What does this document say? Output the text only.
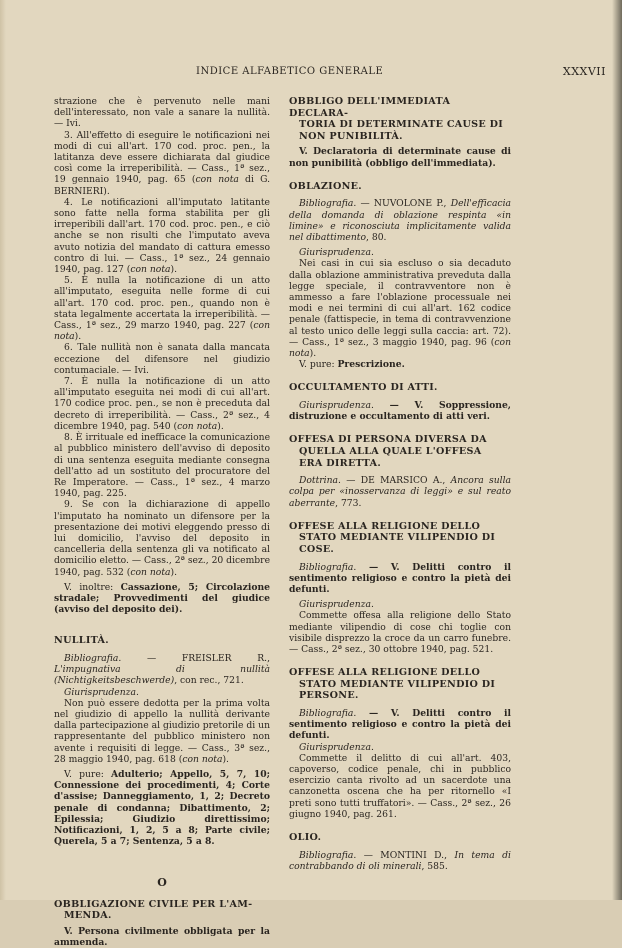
INDICE ALFABETICO GENERALE	XXXVII

strazione che è pervenuto nelle mani dell'interessato, non vale a sanare la nullità. — Ivi.

3. All'effetto di eseguire le notificazioni nei modi di cui all'art. 170 cod. proc. pen., la latitanza deve essere dichiarata dal giudice così come la irreperibilità. — Cass., 1ª sez., 19 gennaio 1940, pag. 65 (con nota di G. BERNIERI).

4. Le notificazioni all'imputato latitante sono fatte nella forma stabilita per gli irreperibili dall'art. 170 cod. proc. pen., e ciò anche se non risulti che l'imputato aveva avuto notizia del mandato di cattura emesso contro di lui. — Cass., 1ª sez., 24 gennaio 1940, pag. 127 (con nota).

5. È nulla la notificazione di un atto all'imputato, eseguita nelle forme di cui all'art. 170 cod. proc. pen., quando non è stata legalmente accertata la irreperibilità. — Cass., 1ª sez., 29 marzo 1940, pag. 227 (con nota).

6. Tale nullità non è sanata dalla mancata eccezione del difensore nel giudizio contumaciale. — Ivi.

7. È nulla la notificazione di un atto all'imputato eseguita nei modi di cui all'art. 170 codice proc. pen., se non è preceduta dal decreto di irreperibilità. — Cass., 2ª sez., 4 dicembre 1940, pag. 540 (con nota).

8. È irrituale ed inefficace la comunicazione al pubblico ministero dell'avviso di deposito di una sentenza eseguita mediante consegna dell'atto ad un sostituto del procuratore del Re Imperatore. — Cass., 1ª sez., 4 marzo 1940, pag. 225.

9. Se con la dichiarazione di appello l'imputato ha nominato un difensore per la presentazione dei motivi eleggendo presso di lui domicilio, l'avviso del deposito in cancelleria della sentenza gli va notificato al domicilio eletto. — Cass., 2ª sez., 20 dicembre 1940, pag. 532 (con nota).

V. inoltre: Cassazione, 5; Circolazione stradale; Provvedimenti del giudice (avviso del deposito dei).

NULLITÀ.

Bibliografia. — FREISLER R., L'impugnativa di nullità (Nichtigkeitsbeschwerde), con rec., 721.

Giurisprudenza.

Non può essere dedotta per la prima volta nel giudizio di appello la nullità derivante dalla partecipazione al giudizio pretorile di un rappresentante del pubblico ministero non avente i requisiti di legge. — Cass., 3ª sez., 28 maggio 1940, pag. 618 (con nota).

V. pure: Adulterio; Appello, 5, 7, 10; Connessione dei procedimenti, 4; Corte d'assise; Danneggiamento, 1, 2; Decreto penale di condanna; Dibattimento, 2; Epilessia; Giudizio direttissimo; Notificazioni, 1, 2, 5 a 8; Parte civile; Querela, 5 a 7; Sentenza, 5 a 8.

O

OBBLIGAZIONE CIVILE PER L'AM-
MENDA.

V. Persona civilmente obbligata per la ammenda.

OBBLIGO DELL'IMMEDIATA DECLARA-
TORIA DI DETERMINATE CAUSE DI
NON PUNIBILITÀ.

V. Declaratoria di determinate cause di non punibilità (obbligo dell'immediata).

OBLAZIONE.

Bibliografia. — NUVOLONE P., Dell'efficacia della domanda di oblazione respinta «in limine» e riconosciuta implicitamente valida nel dibattimento, 80.

Giurisprudenza.

Nei casi in cui sia escluso o sia decaduto dalla oblazione amministrativa preveduta dalla legge speciale, il contravventore non è ammesso a fare l'oblazione processuale nei modi e nei termini di cui all'art. 162 codice penale (fattispecie, in tema di contravvenzione al testo unico delle leggi sulla caccia: art. 72). — Cass., 1ª sez., 3 maggio 1940, pag. 96 (con nota).

V. pure: Prescrizione.

OCCULTAMENTO DI ATTI.

Giurisprudenza. — V. Soppressione, distruzione e occultamento di atti veri.

OFFESA DI PERSONA DIVERSA DA
QUELLA ALLA QUALE L'OFFESA
ERA DIRETTA.

Dottrina. — DE MARSICO A., Ancora sulla colpa per «inosservanza di leggi» e sul reato aberrante, 773.

OFFESE ALLA RELIGIONE DELLO
STATO MEDIANTE VILIPENDIO DI
COSE.

Bibliografia. — V. Delitti contro il sentimento religioso e contro la pietà dei defunti.

Giurisprudenza.

Commette offesa alla religione dello Stato mediante vilipendio di cose chi toglie con visibile disprezzo la croce da un carro funebre. — Cass., 2ª sez., 30 ottobre 1940, pag. 521.

OFFESE ALLA RELIGIONE DELLO
STATO MEDIANTE VILIPENDIO DI
PERSONE.

Bibliografia. — V. Delitti contro il sentimento religioso e contro la pietà dei defunti.

Giurisprudenza.

Commette il delitto di cui all'art. 403, capoverso, codice penale, chi in pubblico esercizio canta rivolto ad un sacerdote una canzonetta oscena che ha per ritornello «I preti sono tutti truffatori». — Cass., 2ª sez., 26 giugno 1940, pag. 261.

OLIO.

Bibliografia. — MONTINI D., In tema di contrabbando di oli minerali, 585.
